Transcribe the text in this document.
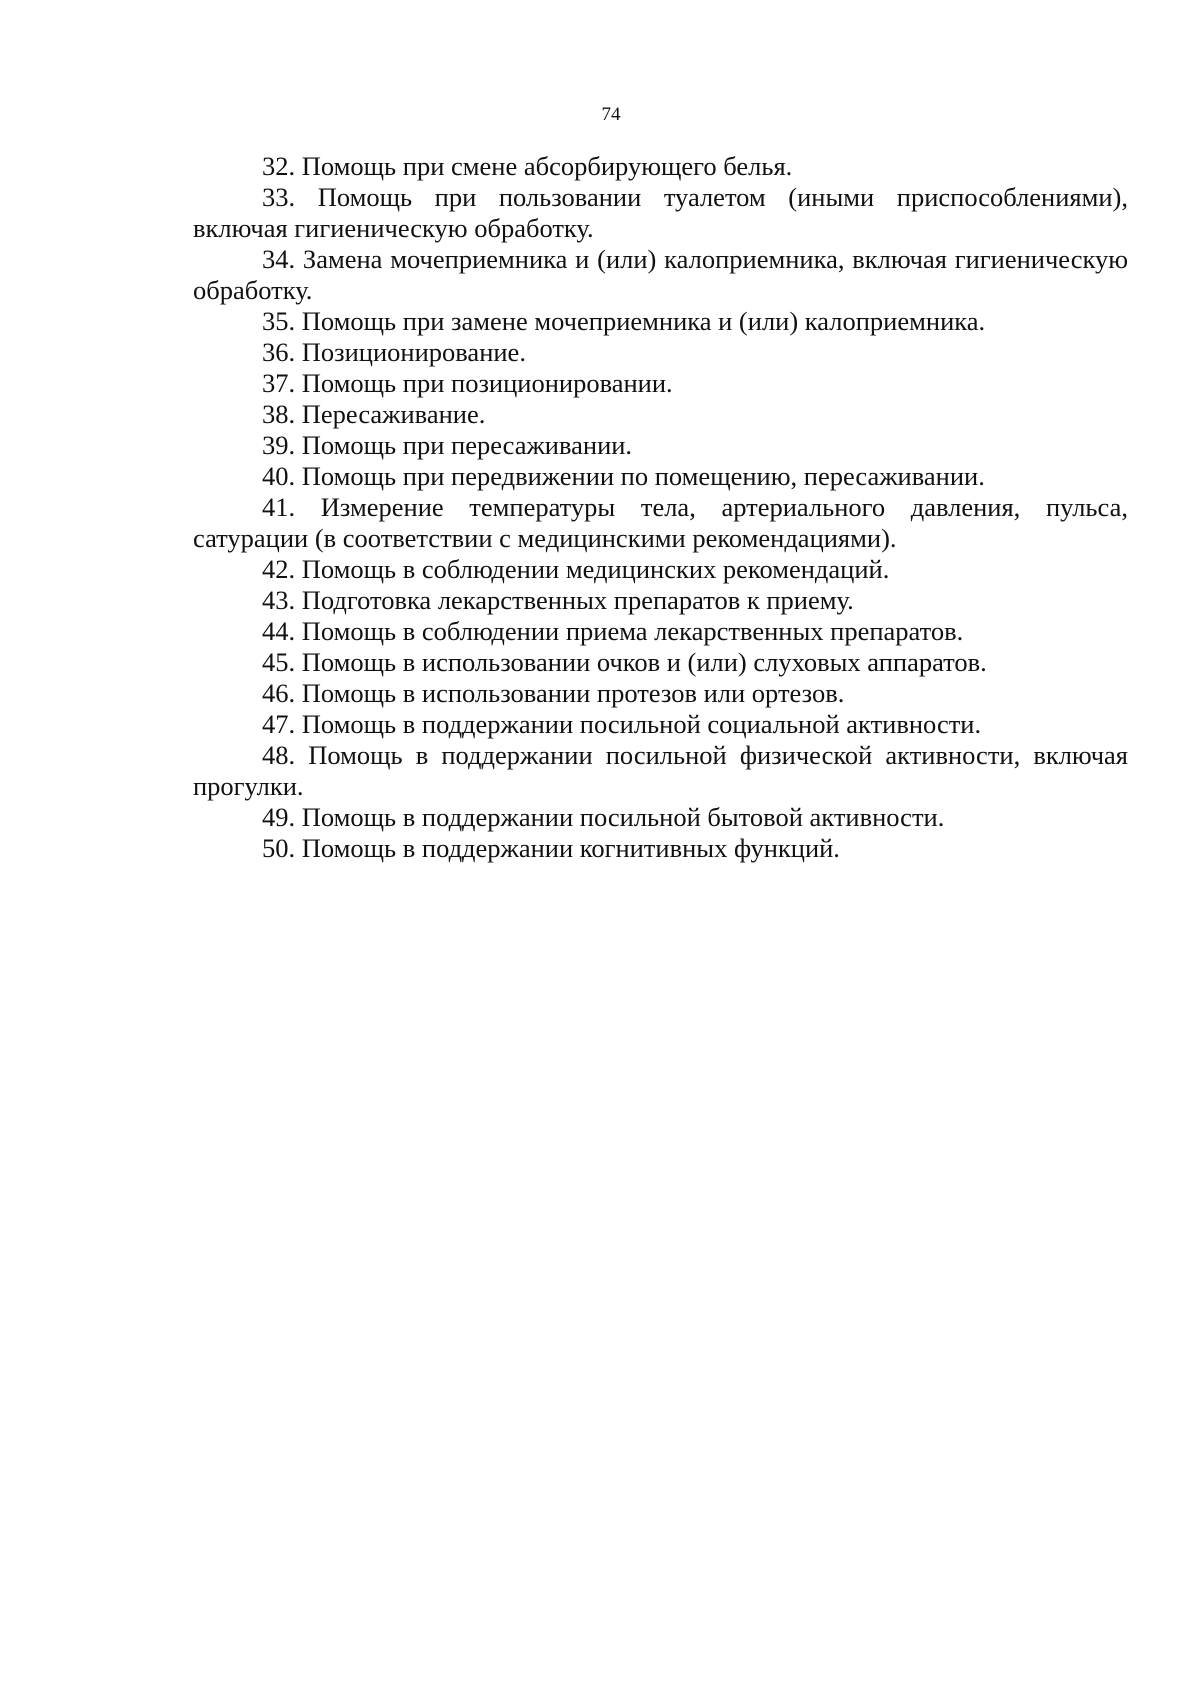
74

32. Помощь при смене абсорбирующего белья.

33. Помощь при пользовании туалетом (иными приспособлениями), включая гигиеническую обработку.

34. Замена мочеприемника и (или) калоприемника, включая гигиеническую обработку.

35. Помощь при замене мочеприемника и (или) калоприемника.

36. Позиционирование.

37. Помощь при позиционировании.

38. Пересаживание.

39. Помощь при пересаживании.

40. Помощь при передвижении по помещению, пересаживании.

41. Измерение температуры тела, артериального давления, пульса, сатурации (в соответствии с медицинскими рекомендациями).

42. Помощь в соблюдении медицинских рекомендаций.

43. Подготовка лекарственных препаратов к приему.

44. Помощь в соблюдении приема лекарственных препаратов.

45. Помощь в использовании очков и (или) слуховых аппаратов.

46. Помощь в использовании протезов или ортезов.

47. Помощь в поддержании посильной социальной активности.

48. Помощь в поддержании посильной физической активности, включая прогулки.

49. Помощь в поддержании посильной бытовой активности.

50. Помощь в поддержании когнитивных функций.
